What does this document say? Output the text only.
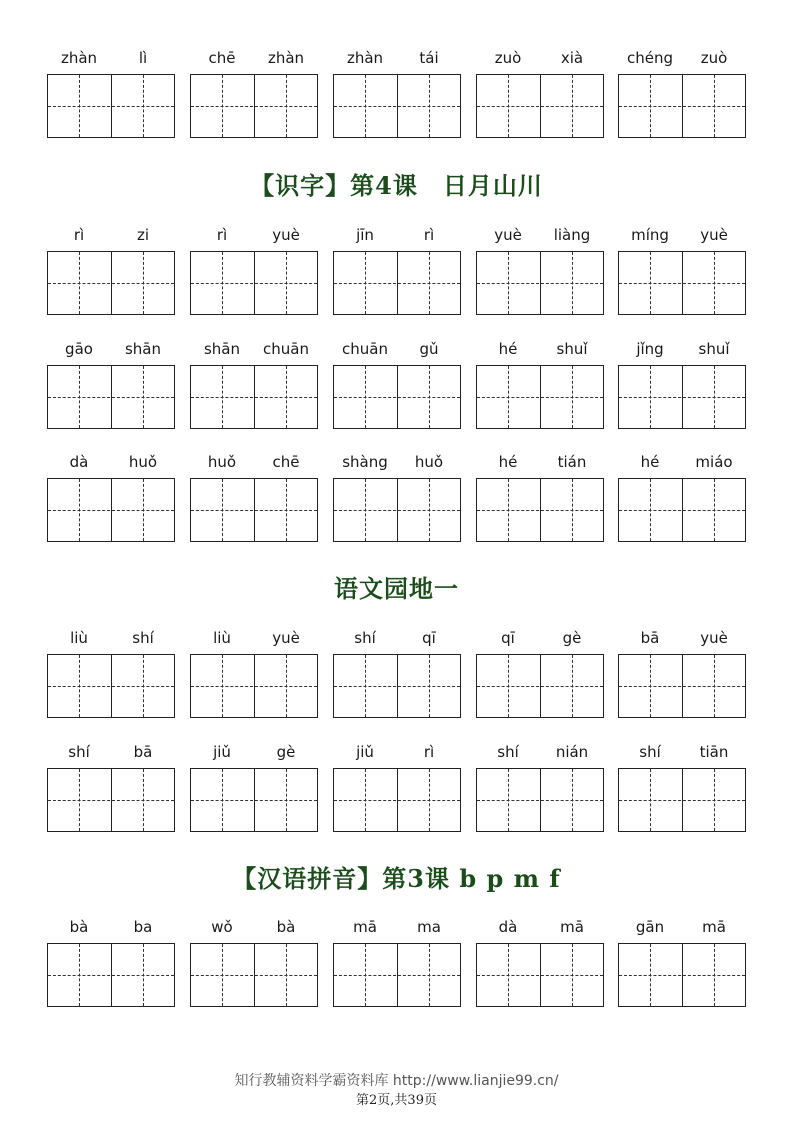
zhàn	lì	chē	zhàn	zhàn	tái	zuò	xià	chéng	zuò
【识字】第4课　日月山川
rì	zi	rì	yuè	jīn	rì	yuè	liàng	míng	yuè
gāo	shān	shān	chuān	chuān	gǔ	hé	shuǐ	jǐng	shuǐ
dà	huǒ	huǒ	chē	shàng	huǒ	hé	tián	hé	miáo
语文园地一
liù	shí	liù	yuè	shí	qī	qī	gè	bā	yuè
shí	bā	jiǔ	gè	jiǔ	rì	shí	nián	shí	tiān
【汉语拼音】第3课 b p m f
bà	ba	wǒ	bà	mā	ma	dà	mā	gān	mā
知行教辅资料学霸资料库 http://www.lianjie99.cn/
第2页,共39页
